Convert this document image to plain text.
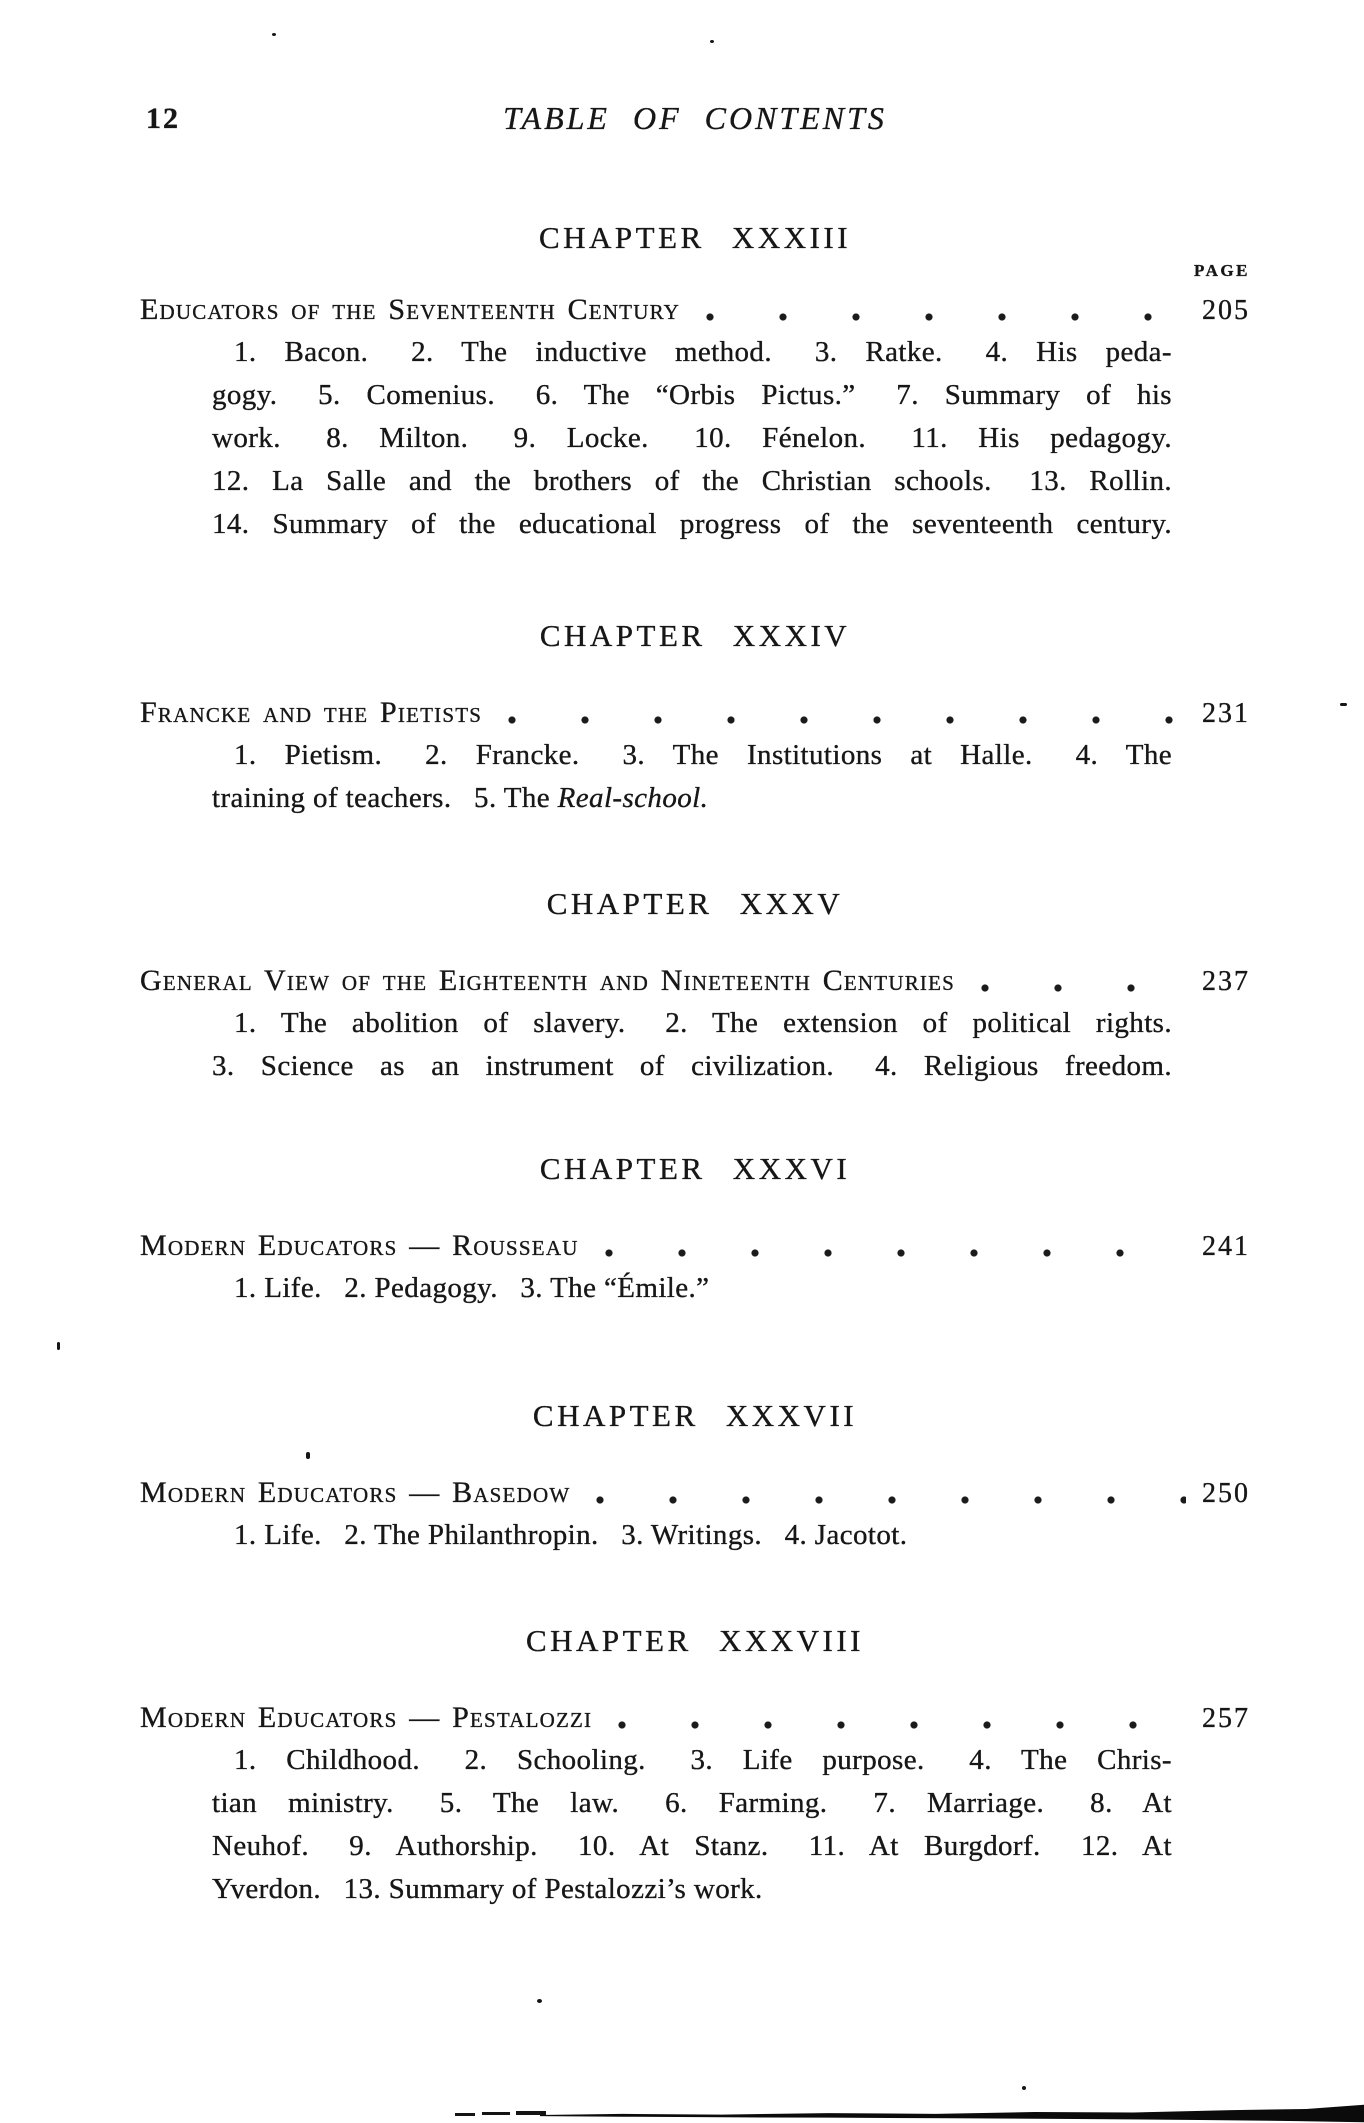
12	TABLE OF CONTENTS
CHAPTER XXXIII
PAGE
Educators of the Seventeenth Century	205
1. Bacon.  2. The inductive method.  3. Ratke.  4. His peda-
gogy.  5. Comenius.  6. The “Orbis Pictus.”  7. Summary of his
work.  8. Milton.  9. Locke.  10. Fénelon.  11. His pedagogy.
12. La Salle and the brothers of the Christian schools.  13. Rollin.
14. Summary of the educational progress of the seventeenth century.
CHAPTER XXXIV
Francke and the Pietists	231
1. Pietism.  2. Francke.  3. The Institutions at Halle.  4. The
training of teachers.  5. The Real-school.
CHAPTER XXXV
General View of the Eighteenth and Nineteenth Centuries	237
1. The abolition of slavery.  2. The extension of political rights.
3. Science as an instrument of civilization.  4. Religious freedom.
CHAPTER XXXVI
Modern Educators — Rousseau	241
1. Life.  2. Pedagogy.  3. The “Émile.”
CHAPTER XXXVII
Modern Educators — Basedow	250
1. Life.  2. The Philanthropin.  3. Writings.  4. Jacotot.
CHAPTER XXXVIII
Modern Educators — Pestalozzi	257
1. Childhood.  2. Schooling.  3. Life purpose.  4. The Chris-
tian ministry.  5. The law.  6. Farming.  7. Marriage.  8. At
Neuhof.  9. Authorship.  10. At Stanz.  11. At Burgdorf.  12. At
Yverdon.  13. Summary of Pestalozzi’s work.
